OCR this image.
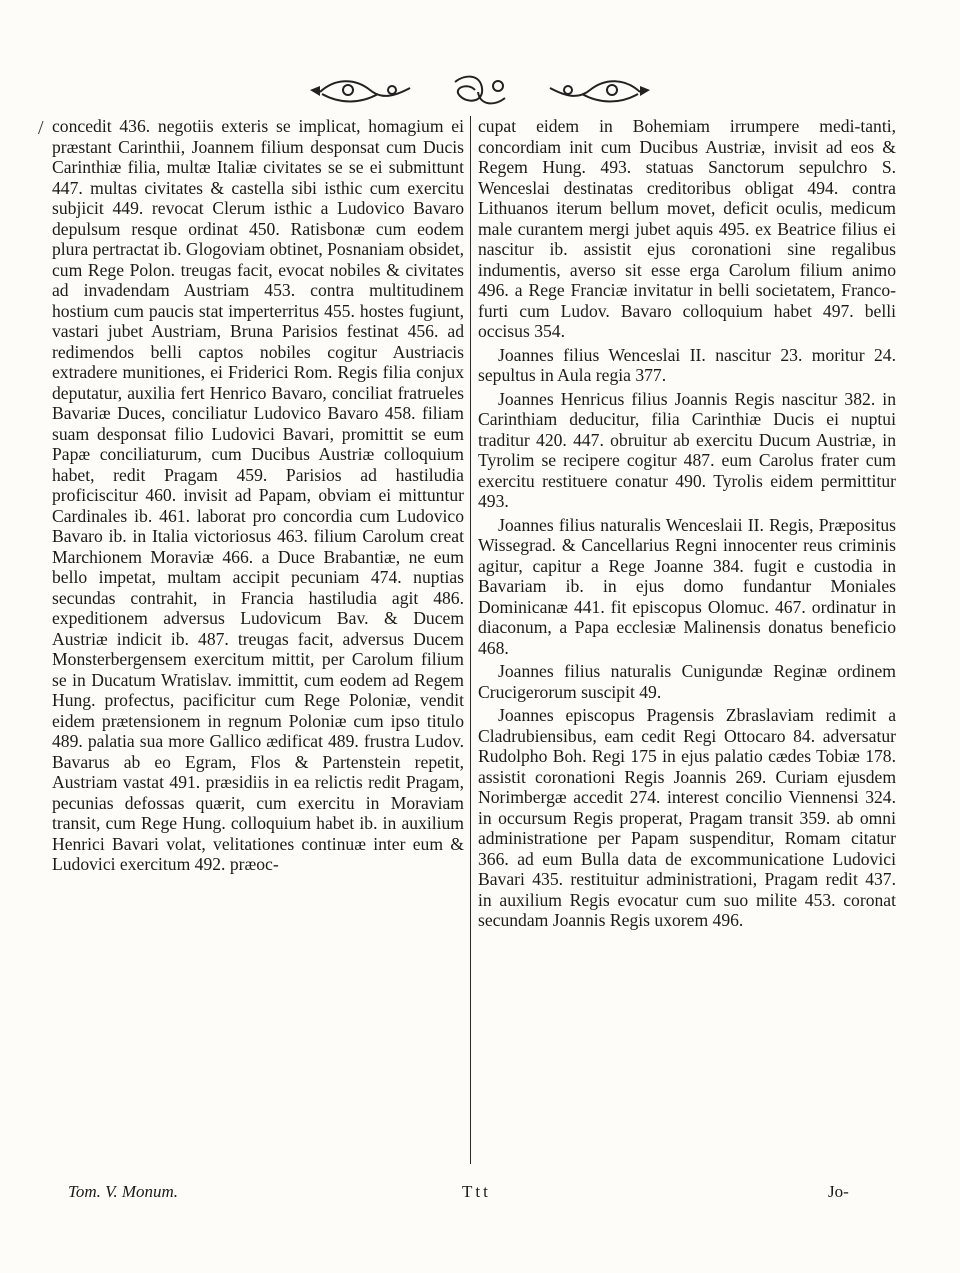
/ concedit 436. negotiis exteris se implicat, homagium ei præstant Carinthii, Joannem filium desponsat cum Ducis Carinthiæ filia, multæ Italiæ civitates se se ei submittunt 447. multas civitates & castella sibi isthic cum exercitu subjicit 449. revocat Clerum isthic a Ludovico Bavaro depulsum resque ordinat 450. Ratisbonæ cum eodem plura pertractat ib. Glogoviam obtinet, Posnaniam obsidet, cum Rege Polon. treugas facit, evocat nobiles & civitates ad invadendam Austriam 453. contra multitudinem hostium cum paucis stat imperterritus 455. hostes fugiunt, vastari jubet Austriam, Bruna Parisios festinat 456. ad redimendos belli captos nobiles cogitur Austriacis extradere munitiones, ei Friderici Rom. Regis filia conjux deputatur, auxilia fert Henrico Bavaro, conciliat fratrueles Bavariæ Duces, conciliatur Ludovico Bavaro 458. filiam suam desponsat filio Ludovici Bavari, promittit se eum Papæ conciliaturum, cum Ducibus Austriæ colloquium habet, redit Pragam 459. Parisios ad hastiludia proficiscitur 460. invisit ad Papam, obviam ei mittuntur Cardinales ib. 461. laborat pro concordia cum Ludovico Bavaro ib. in Italia victoriosus 463. filium Carolum creat Marchionem Moraviæ 466. a Duce Brabantiæ, ne eum bello impetat, multam accipit pecuniam 474. nuptias secundas contrahit, in Francia hastiludia agit 486. expeditionem adversus Ludovicum Bav. & Ducem Austriæ indicit ib. 487. treugas facit, adversus Ducem Monsterbergensem exercitum mittit, per Carolum filium se in Ducatum Wratislav. immittit, cum eodem ad Regem Hung. profectus, pacificitur cum Rege Poloniæ, vendit eidem prætensionem in regnum Poloniæ cum ipso titulo 489. palatia sua more Gallico ædificat 489. frustra Ludov. Bavarus ab eo Egram, Flos & Partenstein repetit, Austriam vastat 491. præsidiis in ea relictis redit Pragam, pecunias defossas quærit, cum exercitu in Moraviam transit, cum Rege Hung. colloquium habet ib. in auxilium Henrici Bavari volat, velitationes continuæ inter eum & Ludovici exercitum 492. præoc-

cupat eidem in Bohemiam irrumpere medi-tanti, concordiam init cum Ducibus Austriæ, invisit ad eos & Regem Hung. 493. statuas Sanctorum sepulchro S. Wenceslai destinatas creditoribus obligat 494. contra Lithuanos iterum bellum movet, deficit oculis, medicum male curantem mergi jubet aquis 495. ex Beatrice filius ei nascitur ib. assistit ejus coronationi sine regalibus indumentis, averso sit esse erga Carolum filium animo 496. a Rege Franciæ invitatur in belli societatem, Franco-furti cum Ludov. Bavaro colloquium habet 497. belli occisus 354.

Joannes filius Wenceslai II. nascitur 23. moritur 24. sepultus in Aula regia 377.

Joannes Henricus filius Joannis Regis nascitur 382. in Carinthiam deducitur, filia Carinthiæ Ducis ei nuptui traditur 420. 447. obruitur ab exercitu Ducum Austriæ, in Tyrolim se recipere cogitur 487. eum Carolus frater cum exercitu restituere conatur 490. Tyrolis eidem permittitur 493.

Joannes filius naturalis Wenceslaii II. Regis, Præpositus Wissegrad. & Cancellarius Regni innocenter reus criminis agitur, capitur a Rege Joanne 384. fugit e custodia in Bavariam ib. in ejus domo fundantur Moniales Dominicanæ 441. fit episcopus Olomuc. 467. ordinatur in diaconum, a Papa ecclesiæ Malinensis donatus beneficio 468.

Joannes filius naturalis Cunigundæ Reginæ ordinem Crucigerorum suscipit 49.

Joannes episcopus Pragensis Zbraslaviam redimit a Cladrubiensibus, eam cedit Regi Ottocaro 84. adversatur Rudolpho Boh. Regi 175 in ejus palatio cædes Tobiæ 178. assistit coronationi Regis Joannis 269. Curiam ejusdem Norimbergæ accedit 274. interest concilio Viennensi 324. in occursum Regis properat, Pragam transit 359. ab omni administratione per Papam suspenditur, Romam citatur 366. ad eum Bulla data de excommunicatione Ludovici Bavari 435. restituitur administrationi, Pragam redit 437. in auxilium Regis evocatur cum suo milite 453. coronat secundam Joannis Regis uxorem 496.

Tom. V. Monum.	Ttt	Jo-
